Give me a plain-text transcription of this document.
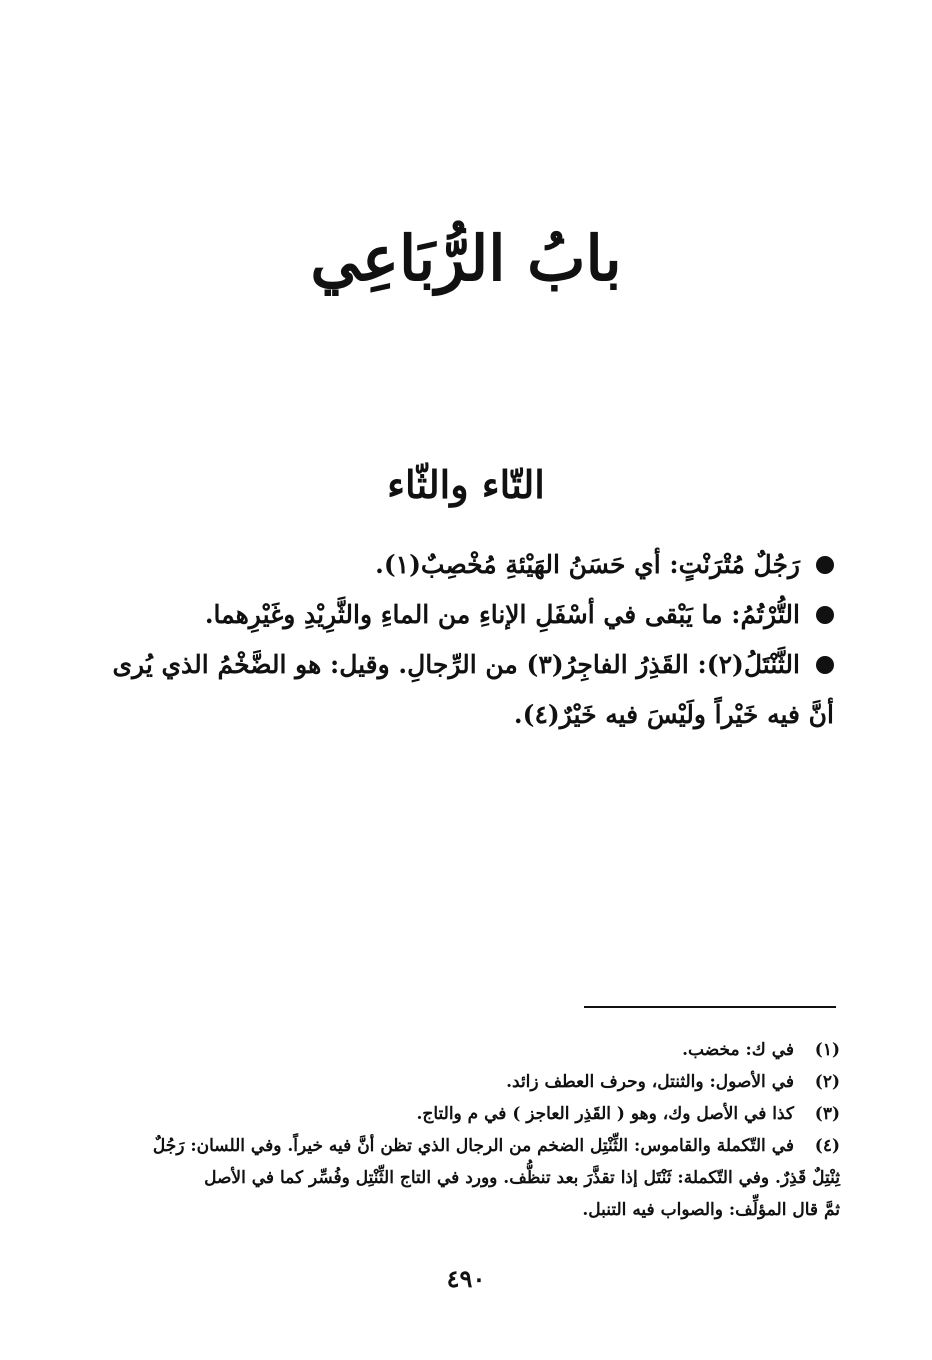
بابُ الرُّبَاعِي
التّاء والثّاء
رَجُلٌ مُتْرَنْتٍ: أي حَسَنُ الهَيْئةِ مُخْصِبٌ(١).
التُّرْتُمُ: ما يَبْقى في أسْفَلِ الإناءِ من الماءِ والثَّرِيْدِ وغَيْرِهما.
الثَّنْتَلُ(٢): القَذِرُ الفاجِرُ(٣) من الرِّجالِ. وقيل: هو الضَّخْمُ الذي يُرى
أنَّ فيه خَيْراً ولَيْسَ فيه خَيْرٌ(٤).
(١)
في ك: مخضب.
(٢)
في الأصول: والثنتل، وحرف العطف زائد.
(٣)
كذا في الأصل وك، وهو ( القَذِر العاجز ) في م والتاج.
(٤)
في التّكملة والقاموس: الثِّنْتِل الضخم من الرجال الذي تظن أنَّ فيه خيراً. وفي اللسان: رَجُلٌ
ثِنْتِلٌ قَذِرٌ. وفي التّكملة: ثَنْتَل إذا تقذَّرَ بعد تنظُّف. وورد في التاج الثِّنْتِل وفُسِّر كما في الأصل
ثمَّ قال المؤلِّف: والصواب فيه التنبل.
٤٩٠
